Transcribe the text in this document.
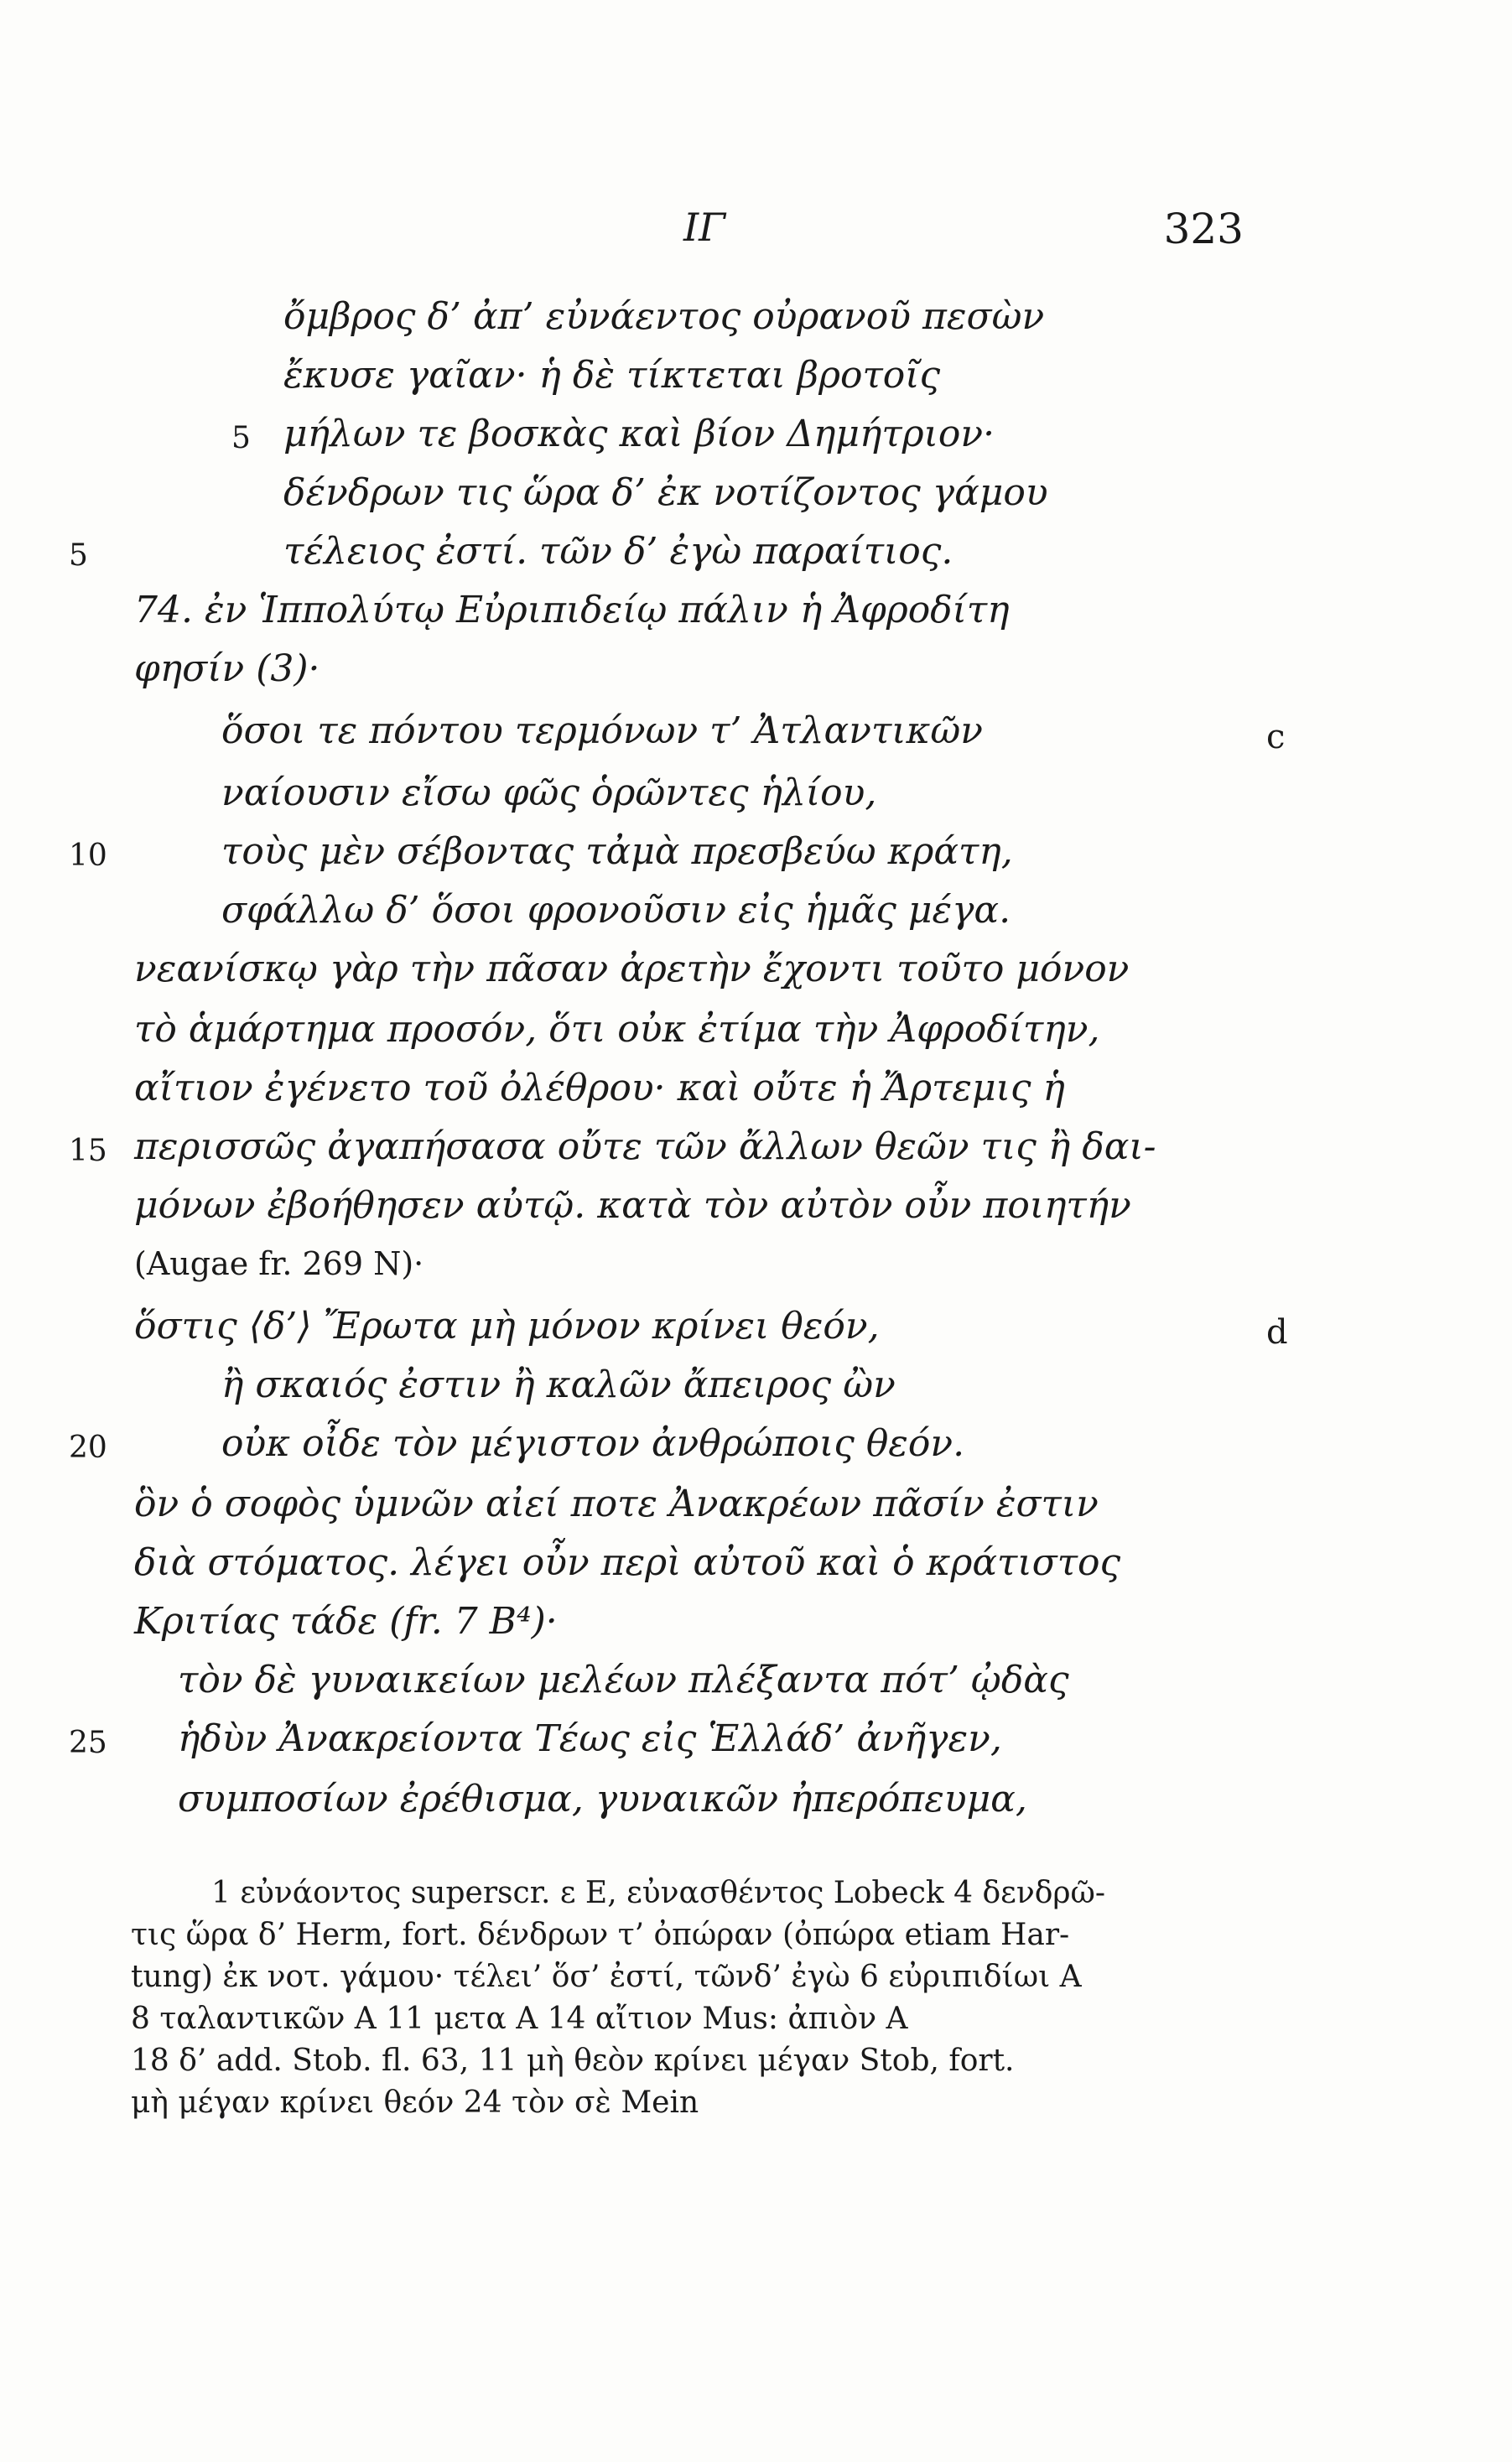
ΙΓ	323
ὄμβρος δ’ ἀπ’ εὐνάεντος οὐρανοῦ πεσὼν
ἔκυσε γαῖαν· ἡ δὲ τίκτεται βροτοῖς
5 μήλων τε βοσκὰς καὶ βίον Δημήτριον·
δένδρων τις ὥρα δ’ ἐκ νοτίζοντος γάμου
5	τέλειος ἐστί. τῶν δ’ ἐγὼ παραίτιος.
74. ἐν Ἱππολύτῳ Εὐριπιδείῳ πάλιν ἡ Ἀφροδίτη
φησίν (3)·
ὅσοι τε πόντου τερμόνων τ’ Ἀτλαντικῶν	c
ναίουσιν εἴσω φῶς ὁρῶντες ἡλίου,
10	τοὺς μὲν σέβοντας τἀμὰ πρεσβεύω κράτη,
σφάλλω δ’ ὅσοι φρονοῦσιν εἰς ἡμᾶς μέγα.
νεανίσκῳ γὰρ τὴν πᾶσαν ἀρετὴν ἔχοντι τοῦτο μόνον
τὸ ἁμάρτημα προσόν, ὅτι οὐκ ἐτίμα τὴν Ἀφροδίτην,
αἴτιον ἐγένετο τοῦ ὀλέθρου· καὶ οὔτε ἡ Ἄρτεμις ἡ
15 περισσῶς ἀγαπήσασα οὔτε τῶν ἄλλων θεῶν τις ἢ δαι-
μόνων ἐβοήθησεν αὐτῷ. κατὰ τὸν αὐτὸν οὖν ποιητήν
(Augae fr. 269 N)·
ὅστις ⟨δ’⟩ Ἔρωτα μὴ μόνον κρίνει θεόν,	d
ἢ σκαιός ἐστιν ἢ καλῶν ἄπειρος ὢν
20	οὐκ οἶδε τὸν μέγιστον ἀνθρώποις θεόν.
ὃν ὁ σοφὸς ὑμνῶν αἰεί ποτε Ἀνακρέων πᾶσίν ἐστιν
διὰ στόματος. λέγει οὖν περὶ αὐτοῦ καὶ ὁ κράτιστος
Κριτίας τάδε (fr. 7 B⁴)·
τὸν δὲ γυναικείων μελέων πλέξαντα πότ’ ᾠδὰς
25 ἡδὺν Ἀνακρείοντα Τέως εἰς Ἑλλάδ’ ἀνῆγεν,
συμποσίων ἐρέθισμα, γυναικῶν ἠπερόπευμα,
1 εὐνάοντος superscr. ε E, εὐνασθέντος Lobeck 4 δενδρῶ-
τις ὥρα δ’ Herm, fort. δένδρων τ’ ὀπώραν (ὀπώρα etiam Har-
tung) ἐκ νοτ. γάμου· τέλει’ ὅσ’ ἐστί, τῶνδ’ ἐγὼ 6 εὐριπιδίωι A
8 ταλαντικῶν A 11 μετα A 14 αἴτιον Mus: ἀπιὸν A
18 δ’ add. Stob. fl. 63, 11 μὴ θεὸν κρίνει μέγαν Stob, fort.
μὴ μέγαν κρίνει θεόν 24 τὸν σὲ Mein
